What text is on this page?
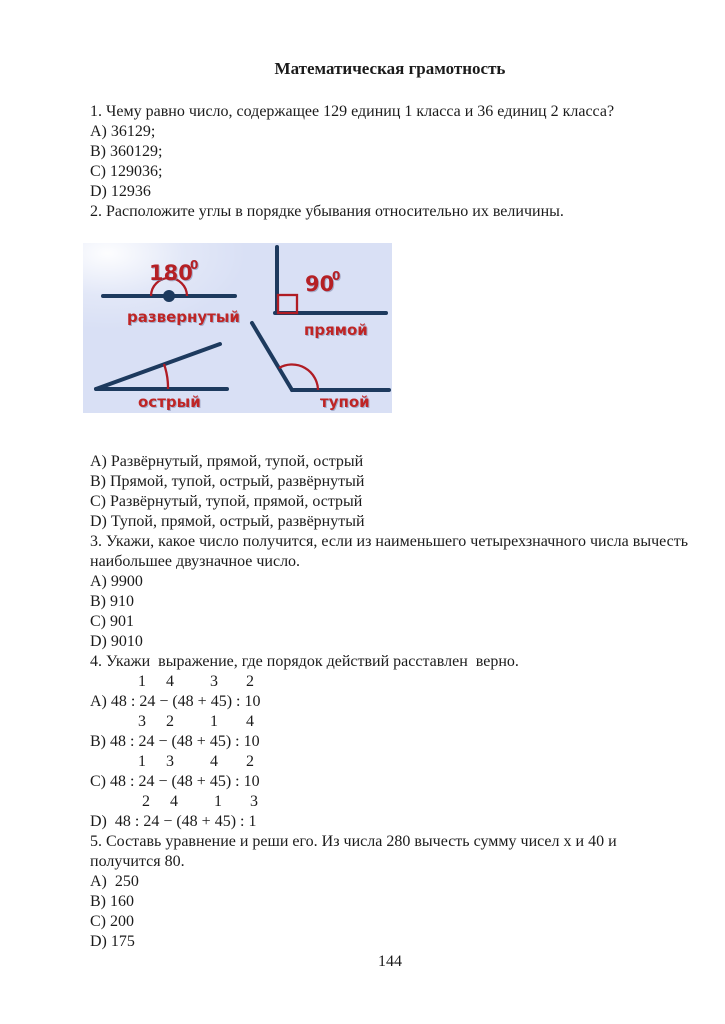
Математическая грамотность
1. Чему равно число, содержащее 129 единиц 1 класса и 36 единиц 2 класса?
A) 36129;
B) 360129;
C) 129036;
D) 12936
2. Расположите углы в порядке убывания относительно их величины.
180
0
развернутый
90
0
прямой
острый	тупой
A) Развёрнутый, прямой, тупой, острый
B) Прямой, тупой, острый, развёрнутый
C) Развёрнутый, тупой, прямой, острый
D) Тупой, прямой, острый, развёрнутый
3. Укажи, какое число получится, если из наименьшего четырехзначного числа вычесть наибольшее двузначное число.
A) 9900
B) 910
C) 901
D) 9010
4. Укажи  выражение, где порядок действий расставлен  верно.
1     4         3       2
A) 48 : 24 − (48 + 45) : 10
3     2         1       4
B) 48 : 24 − (48 + 45) : 10
1     3         4       2
C) 48 : 24 − (48 + 45) : 10
2     4         1       3
D)  48 : 24 − (48 + 45) : 1
5. Составь уравнение и реши его. Из числа 280 вычесть сумму чисел x и 40 и получится 80.
A)  250
B) 160
C) 200
D) 175
144
